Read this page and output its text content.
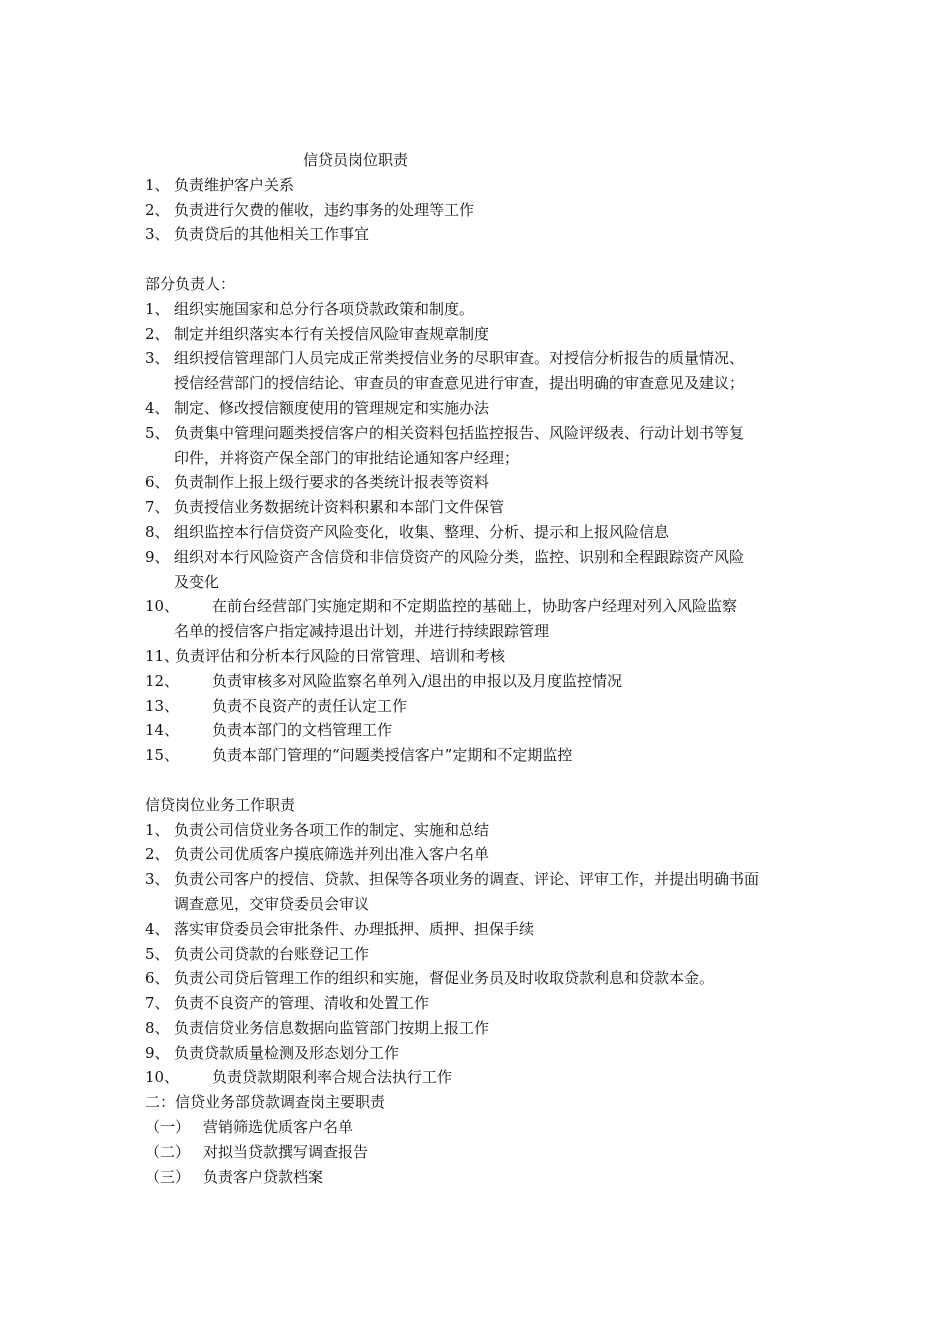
信贷员岗位职责

1、 负责维护客户关系
2、 负责进行欠费的催收，违约事务的处理等工作
3、 负责贷后的其他相关工作事宜

部分负责人：

1、 组织实施国家和总分行各项贷款政策和制度。
2、 制定并组织落实本行有关授信风险审查规章制度
3、 组织授信管理部门人员完成正常类授信业务的尽职审查。对授信分析报告的质量情况、

授信经营部门的授信结论、审查员的审查意见进行审查，提出明确的审查意见及建议；

4、 制定、修改授信额度使用的管理规定和实施办法
5、 负责集中管理问题类授信客户的相关资料包括监控报告、风险评级表、行动计划书等复

印件，并将资产保全部门的审批结论通知客户经理；

6、 负责制作上报上级行要求的各类统计报表等资料
7、 负责授信业务数据统计资料积累和本部门文件保管
8、 组织监控本行信贷资产风险变化，收集、整理、分析、提示和上报风险信息
9、 组织对本行风险资产含信贷和非信贷资产的风险分类，监控、识别和全程跟踪资产风险

及变化

10、	在前台经营部门实施定期和不定期监控的基础上，协助客户经理对列入风险监察

名单的授信客户指定减持退出计划，并进行持续跟踪管理

11、
负责评估和分析本行风险的日常管理、培训和考核
12、	负责审核多对风险监察名单列入/退出的申报以及月度监控情况
13、	负责不良资产的责任认定工作
14、	负责本部门的文档管理工作
15、	负责本部门管理的“问题类授信客户”定期和不定期监控

信贷岗位业务工作职责

1、 负责公司信贷业务各项工作的制定、实施和总结
2、 负责公司优质客户摸底筛选并列出准入客户名单
3、 负责公司客户的授信、贷款、担保等各项业务的调查、评论、评审工作，并提出明确书面

调查意见，交审贷委员会审议

4、 落实审贷委员会审批条件、办理抵押、质押、担保手续
5、 负责公司贷款的台账登记工作
6、 负责公司贷后管理工作的组织和实施，督促业务员及时收取贷款利息和贷款本金。
7、 负责不良资产的管理、清收和处置工作
8、 负责信贷业务信息数据向监管部门按期上报工作
9、 负责贷款质量检测及形态划分工作
10、	负责贷款期限利率合规合法执行工作

二：信贷业务部贷款调查岗主要职责

（一） 营销筛选优质客户名单
（二） 对拟当贷款撰写调查报告
（三） 负责客户贷款档案
